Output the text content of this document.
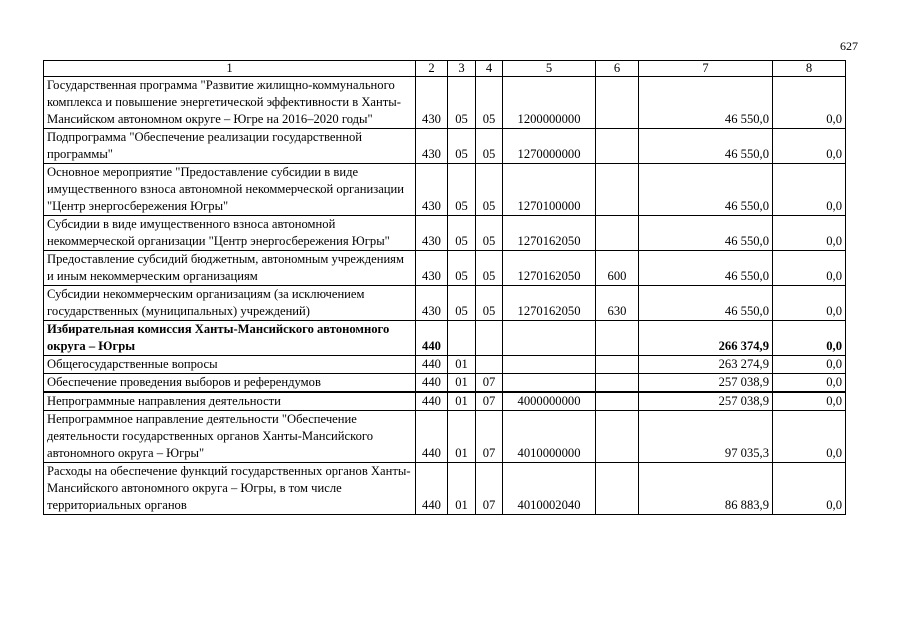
627
1	2	3	4	5	6	7	8
Государственная программа "Развитие жилищно-коммунального комплекса и повышение энергетической эффективности в Ханты-Мансийском автономном округе – Югре на 2016–2020 годы"	430	05	05	1200000000		46 550,0	0,0
Подпрограмма "Обеспечение реализации государственной программы"	430	05	05	1270000000		46 550,0	0,0
Основное мероприятие "Предоставление субсидии в виде имущественного взноса автономной некоммерческой организации "Центр энергосбережения Югры"	430	05	05	1270100000		46 550,0	0,0
Субсидии в виде имущественного взноса автономной некоммерческой организации "Центр энергосбережения Югры"	430	05	05	1270162050		46 550,0	0,0
Предоставление субсидий бюджетным, автономным учреждениям и иным некоммерческим организациям	430	05	05	1270162050	600	46 550,0	0,0
Субсидии некоммерческим организациям (за исключением государственных (муниципальных) учреждений)	430	05	05	1270162050	630	46 550,0	0,0
Избирательная комиссия Ханты-Мансийского автономного округа – Югры	440					266 374,9	0,0
Общегосударственные вопросы	440	01				263 274,9	0,0
Обеспечение проведения выборов и референдумов	440	01	07			257 038,9	0,0
Непрограммные направления деятельности	440	01	07	4000000000		257 038,9	0,0
Непрограммное направление деятельности "Обеспечение деятельности государственных органов Ханты-Мансийского автономного округа – Югры"	440	01	07	4010000000		97 035,3	0,0
Расходы на обеспечение функций государственных органов Ханты-Мансийского автономного округа – Югры, в том числе территориальных органов	440	01	07	4010002040		86 883,9	0,0
